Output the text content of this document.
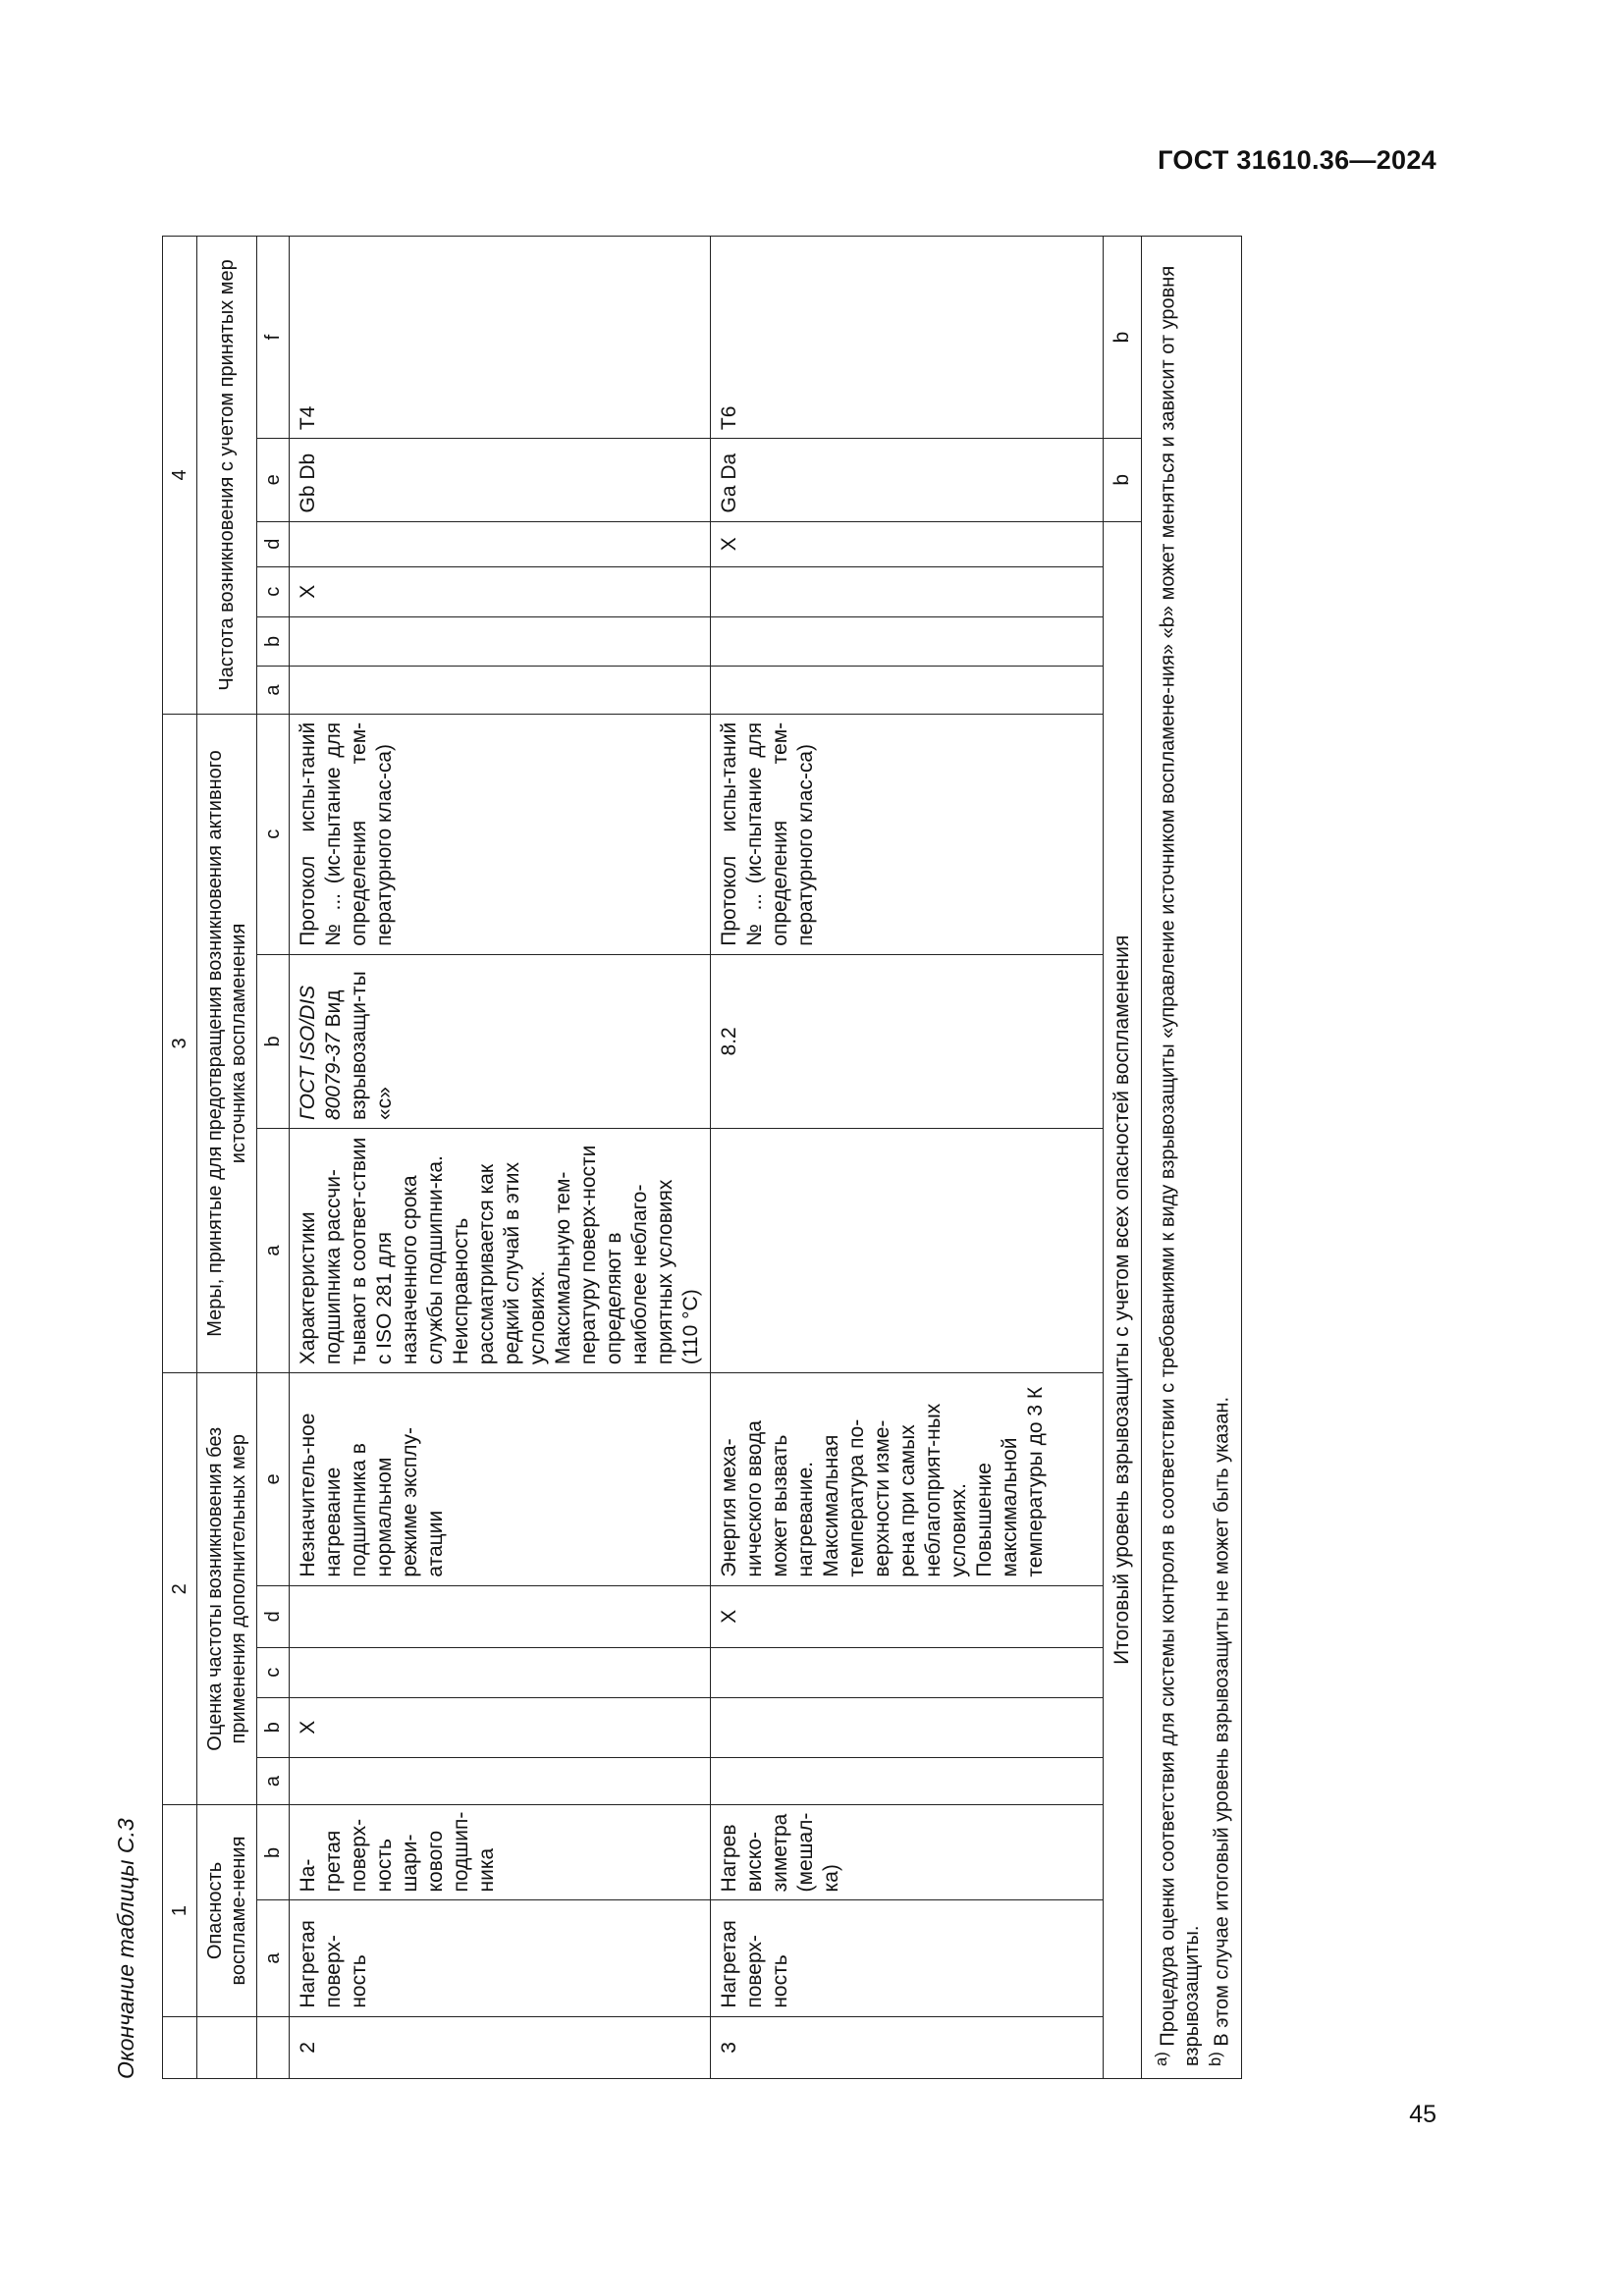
ГОСТ 31610.36—2024
Окончание таблицы С.3
	1		2					3			4					
	Опасность воспламе-нения		Оценка частоты возникновения без применения дополнительных мер					Меры, принятые для предотвращения возникновения активного источника воспламенения			Частота возникновения с учетом принятых мер					
	a	b	a	b	c	d	e	a	b	c	a	b	c	d	e	f
2	Нагретая поверх-ность	На-гретая поверх-ность шари-кового подшип-ника		X			Незначитель-ное нагревание подшипника в нормальном режиме эксплу-атации	Характеристики подшипника рассчи-тывают в соответ-ствии с ISO 281 для назначенного срока службы подшипни-ка. Неисправность рассматривается как редкий случай в этих условиях. Максимальную тем-пературу поверх-ности определяют в наиболее неблаго-приятных условиях (110 °С)	ГОСТ ISO/DIS 80079-37 Вид взрывозащи-ты «с»	Протокол испы-таний № ... (ис-пытание для определения тем-пературного клас-са)			X		Gb Db	T4
3	Нагретая поверх-ность	Нагрев виско-зиметра (мешал-ка)				X	Энергия меха-нического ввода может вызвать нагревание. Максимальная температура по-верхности изме-рена при самых неблагоприят-ных условиях. Повышение максимальной температуры до 3 К		8.2	Протокол испы-таний № ... (ис-пытание для определения тем-пературного клас-са)				X	Ga Da	T6
Итоговый уровень взрывозащиты с учетом всех опасностей воспламенения															b	b

$^{a)}$ Процедура оценки соответствия для системы контроля в соответствии с требованиями к виду взрывозащиты «управление источником воспламене-ния» «b» может меняться и зависит от уровня взрывозащиты. $^{b)}$ В этом случае итоговый уровень взрывозащиты не может быть указан.																
45
